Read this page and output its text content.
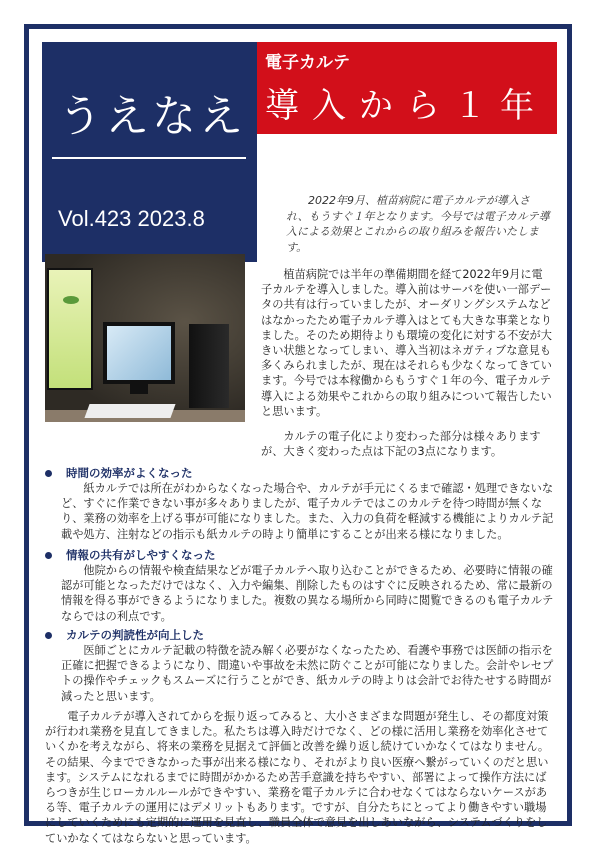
うえなえ
Vol.423 2023.8
電子カルテ
導入から１年

2022年9月、植苗病院に電子カルテが導入され、もうすぐ１年となります。今号では電子カルテ導入による効果とこれからの取り組みを報告いたします。

植苗病院では半年の準備期間を経て2022年9月に電子カルテを導入しました。導入前はサーバを使い一部データの共有は行っていましたが、オーダリングシステムなどはなかったため電子カルテ導入はとても大きな事業となりました。そのため期待よりも環境の変化に対する不安が大きい状態となってしまい、導入当初はネガティブな意見も多くみられましたが、現在はそれらも少なくなってきています。今号では本稼働からもうすぐ１年の今、電子カルテ導入による効果やこれからの取り組みについて報告したいと思います。

カルテの電子化により変わった部分は様々ありますが、大きく変わった点は下記の3点になります。

時間の効率がよくなった

紙カルテでは所在がわからなくなった場合や、カルテが手元にくるまで確認・処理できないなど、すぐに作業できない事が多々ありましたが、電子カルテではこのカルテを待つ時間が無くなり、業務の効率を上げる事が可能になりました。また、入力の負荷を軽減する機能によりカルテ記載や処方、注射などの指示も紙カルテの時より簡単にすることが出来る様になりました。

情報の共有がしやすくなった

他院からの情報や検査結果などが電子カルテへ取り込むことができるため、必要時に情報の確認が可能となっただけではなく、入力や編集、削除したものはすぐに反映されるため、常に最新の情報を得る事ができるようになりました。複数の異なる場所から同時に閲覧できるのも電子カルテならではの利点です。

カルテの判読性が向上した

医師ごとにカルテ記載の特徴を読み解く必要がなくなったため、看護や事務では医師の指示を正確に把握できるようになり、間違いや事故を未然に防ぐことが可能になりました。会計やレセプトの操作やチェックもスムーズに行うことができ、紙カルテの時よりは会計でお待たせする時間が減ったと思います。

電子カルテが導入されてからを振り返ってみると、大小さまざまな問題が発生し、その都度対策が行われ業務を見直してきました。私たちは導入時だけでなく、どの様に活用し業務を効率化させていくかを考えながら、将来の業務を見据えて評価と改善を繰り返し続けていかなくてはなりません。その結果、今までできなかった事が出来る様になり、それがより良い医療へ繋がっていくのだと思います。システムになれるまでに時間がかかるため苦手意識を持ちやすい、部署によって操作方法にばらつきが生じローカルルールができやすい、業務を電子カルテに合わせなくてはならないケースがある等、電子カルテの運用にはデメリットもあります。ですが、自分たちにとってより働きやすい職場にしていくためにも定期的に運用を見直し、職員全体で意見を出しあいながら、システムづくりをしていかなくてはならないと思っています。
